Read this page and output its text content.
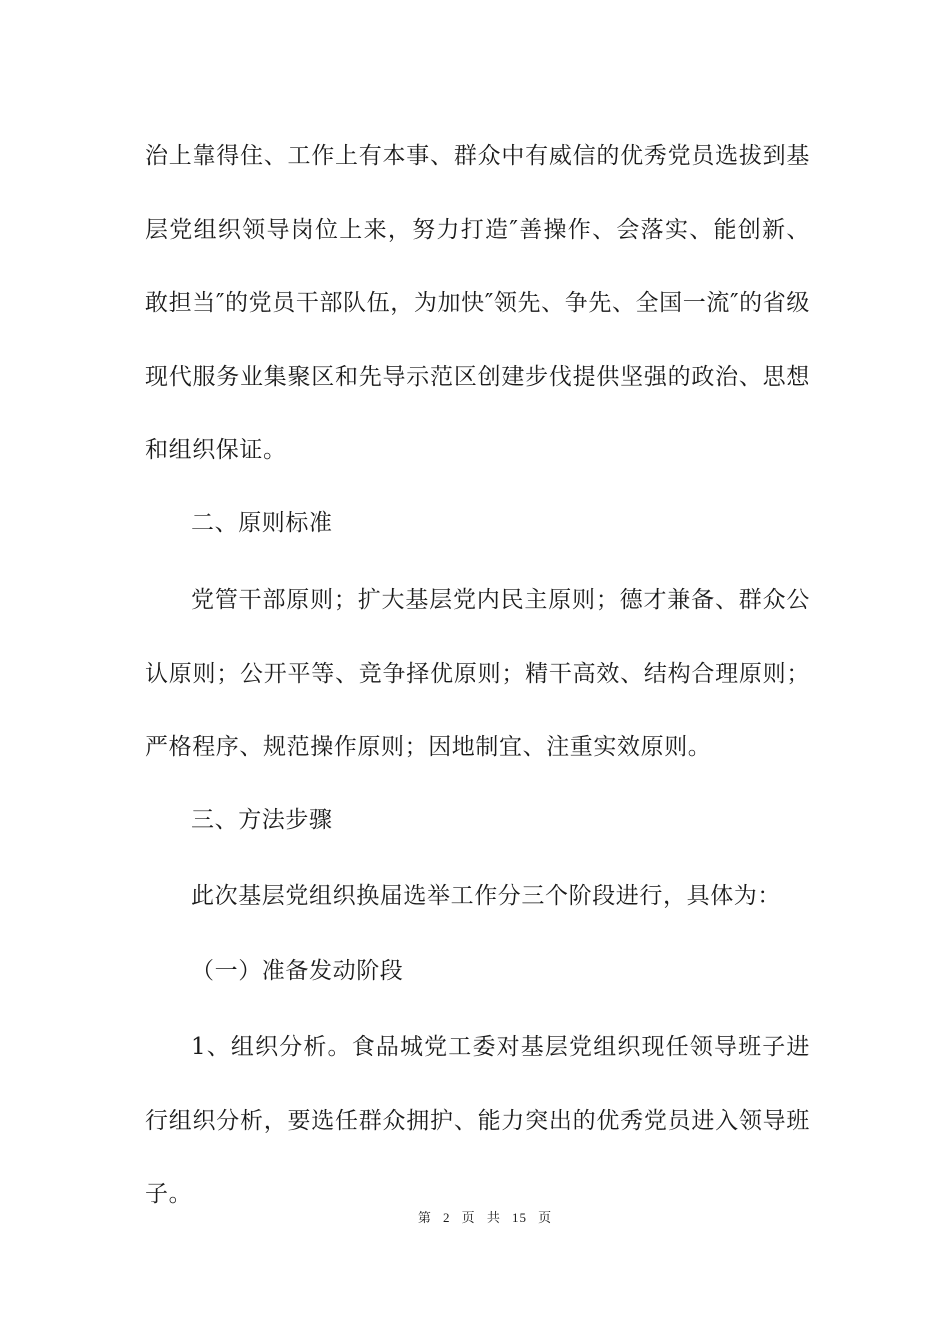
治上靠得住、工作上有本事、群众中有威信的优秀党员选拔到基层党组织领导岗位上来，努力打造″善操作、会落实、能创新、敢担当″的党员干部队伍，为加快″领先、争先、全国一流″的省级现代服务业集聚区和先导示范区创建步伐提供坚强的政治、思想和组织保证。
二、原则标准
党管干部原则；扩大基层党内民主原则；德才兼备、群众公认原则；公开平等、竞争择优原则；精干高效、结构合理原则；严格程序、规范操作原则；因地制宜、注重实效原则。
三、方法步骤
此次基层党组织换届选举工作分三个阶段进行，具体为：
（一）准备发动阶段
1、组织分析。食品城党工委对基层党组织现任领导班子进行组织分析，要选任群众拥护、能力突出的优秀党员进入领导班子。
第 2 页 共 15 页
